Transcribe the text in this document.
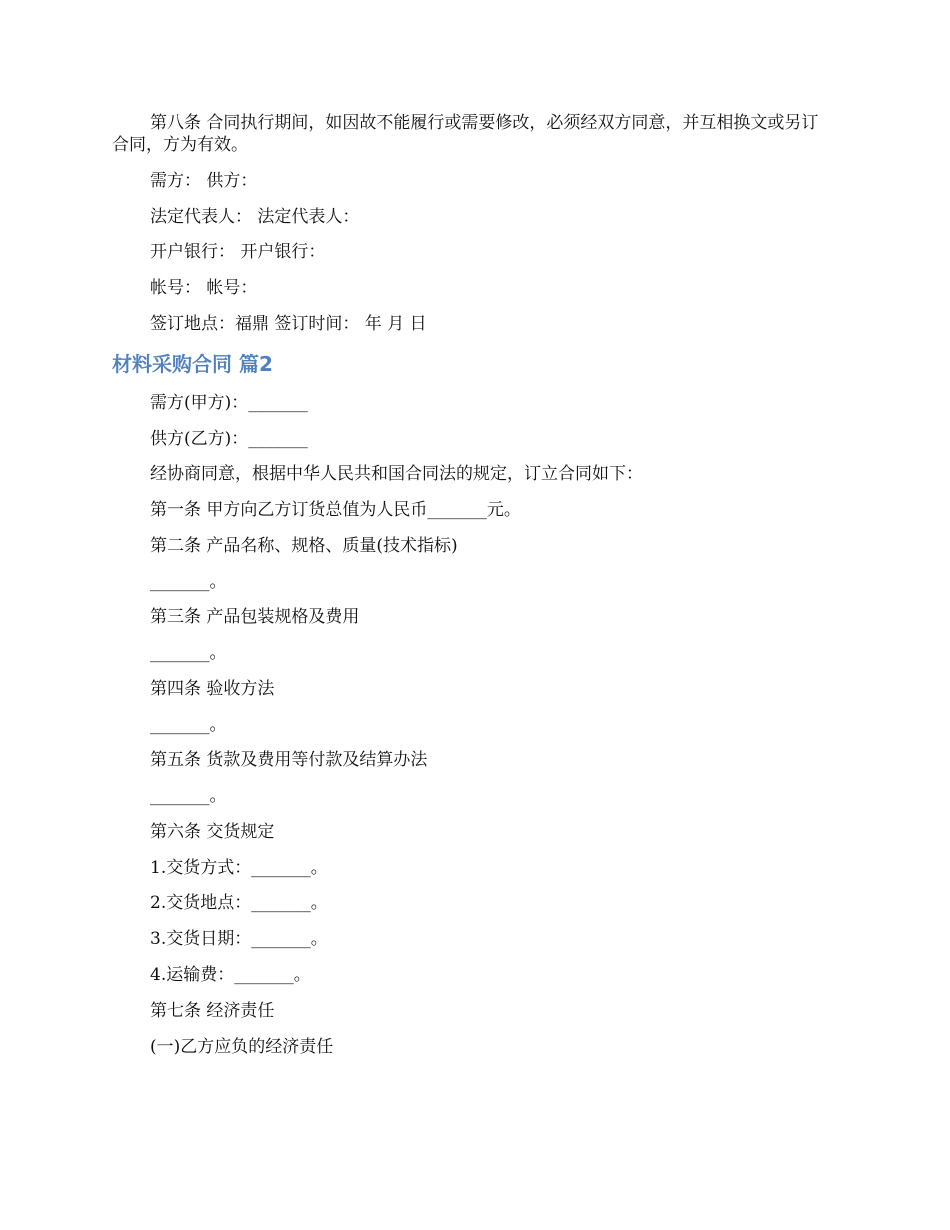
第八条 合同执行期间，如因故不能履行或需要修改，必须经双方同意，并互相换文或另订合同，方为有效。
需方： 供方：
法定代表人： 法定代表人：
开户银行： 开户银行：
帐号： 帐号：
签订地点：福鼎 签订时间： 年 月 日
材料采购合同 篇2
需方(甲方)：_______
供方(乙方)：_______
经协商同意，根据中华人民共和国合同法的规定，订立合同如下：
第一条 甲方向乙方订货总值为人民币_______元。
第二条 产品名称、规格、质量(技术指标)
_______。
第三条 产品包装规格及费用
_______。
第四条 验收方法
_______。
第五条 货款及费用等付款及结算办法
_______。
第六条 交货规定
1.交货方式：_______。
2.交货地点：_______。
3.交货日期：_______。
4.运输费：_______。
第七条 经济责任
(一)乙方应负的经济责任
